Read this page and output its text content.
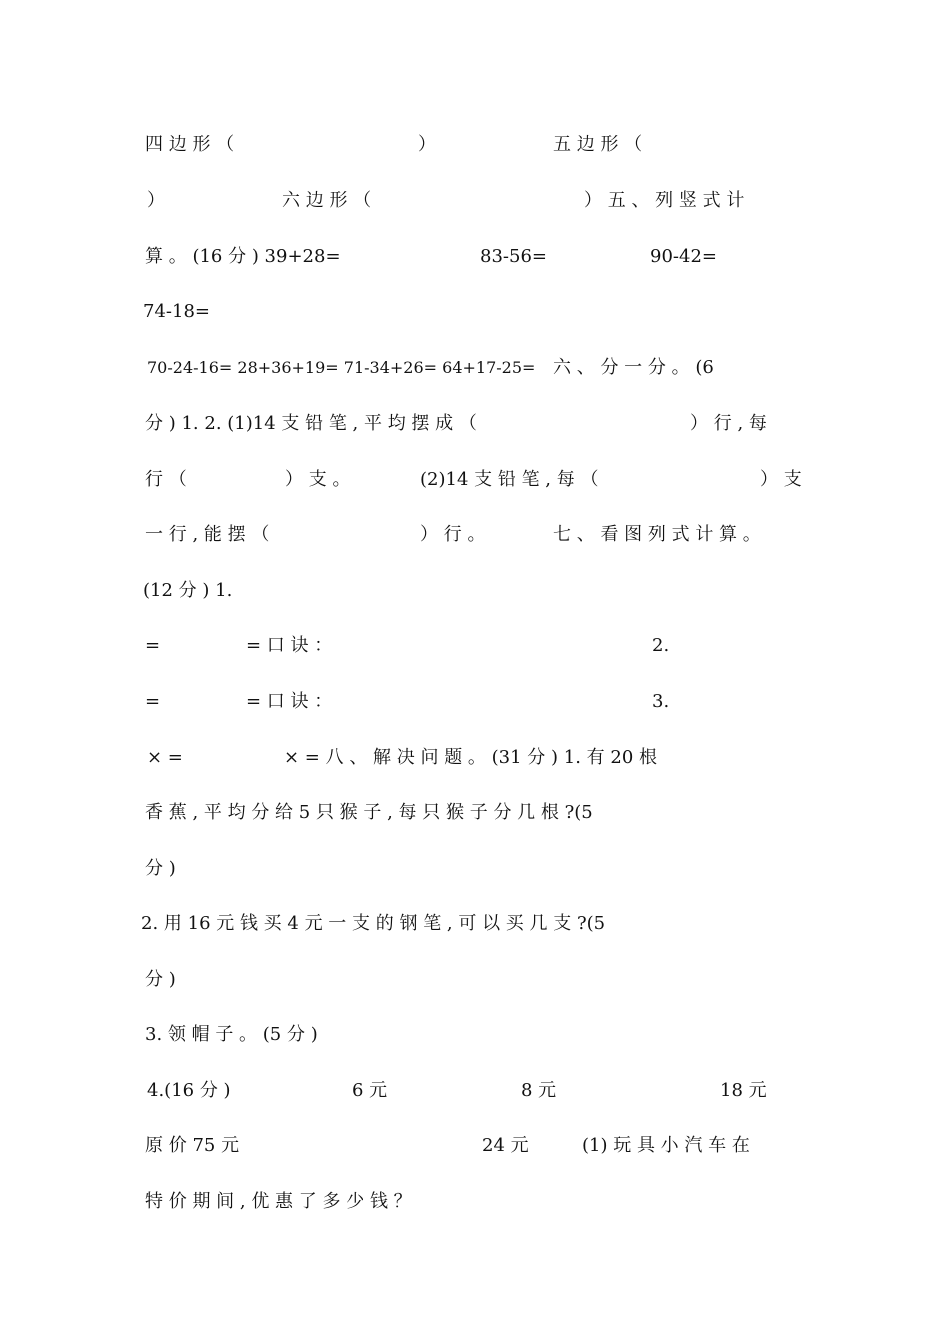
四 边 形 （	）	五 边 形 （
）	六 边 形 （	） 五 、 列 竖 式 计
算 。 (16 分 ) 39+28=	83-56=	90-42=
74-18=
70-24-16= 28+36+19= 71-34+26= 64+17-25= 六 、 分 一 分 。 (6
分 ) 1. 2. (1)14 支 铅 笔 , 平 均 摆 成 （	） 行 , 每
行 （	） 支 。	(2)14 支 铅 笔 , 每 （	） 支
一 行 , 能 摆 （	） 行 。	七 、 看 图 列 式 计 算 。
(12 分 ) 1.
=	= 口 诀 ：	2.
=	= 口 诀 ：	3.
× =	× = 八 、 解 决 问 题 。 (31 分 ) 1. 有 20 根
香 蕉 , 平 均 分 给 5 只 猴 子 , 每 只 猴 子 分 几 根 ?(5
分 )
2. 用 16 元 钱 买 4 元 一 支 的 钢 笔 , 可 以 买 几 支 ?(5
分 )
3. 领 帽 子 。 (5 分 )
4.(16 分 )	6 元	8 元	18 元
原 价 75 元	24 元	(1) 玩 具 小 汽 车 在
特 价 期 间 , 优 惠 了 多 少 钱 ？
